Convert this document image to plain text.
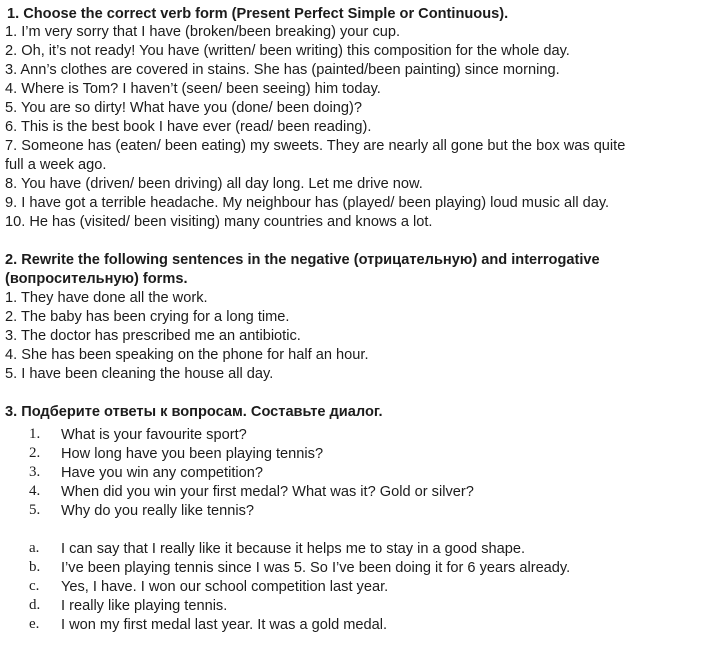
1. Choose the correct verb form (Present Perfect Simple or Continuous).
1. I’m very sorry that I have (broken/been breaking) your cup.
2. Oh, it’s not ready! You have (written/ been writing) this composition for the whole day.
3. Ann’s clothes are covered in stains. She has (painted/been painting) since morning.
4. Where is Tom? I haven’t (seen/ been seeing) him today.
5. You are so dirty! What have you (done/ been doing)?
6. This is the best book I have ever (read/ been reading).
7. Someone has (eaten/ been eating) my sweets. They are nearly all gone but the box was quite
full a week ago.
8. You have (driven/ been driving) all day long. Let me drive now.
9. I have got a terrible headache. My neighbour has (played/ been playing) loud music all day.
10. He has (visited/ been visiting) many countries and knows a lot.
2. Rewrite the following sentences in the negative (отрицательную) and interrogative
(вопросительную) forms.
1. They have done all the work.
2. The baby has been crying for a long time.
3. The doctor has prescribed me an antibiotic.
4. She has been speaking on the phone for half an hour.
5. I have been cleaning the house all day.
3. Подберите ответы к вопросам. Составьте диалог.
1.	What is your favourite sport?
2.	How long have you been playing tennis?
3.	Have you win any competition?
4.	When did you win your first medal? What was it? Gold or silver?
5.	Why do you really like tennis?
a.	I can say that I really like it because it helps me to stay in a good shape.
b.	I’ve been playing tennis since I was 5. So I’ve been doing it for 6 years already.
c.	Yes, I have. I won our school competition last year.
d.	I really like playing tennis.
e.	I won my first medal last year. It was a gold medal.
